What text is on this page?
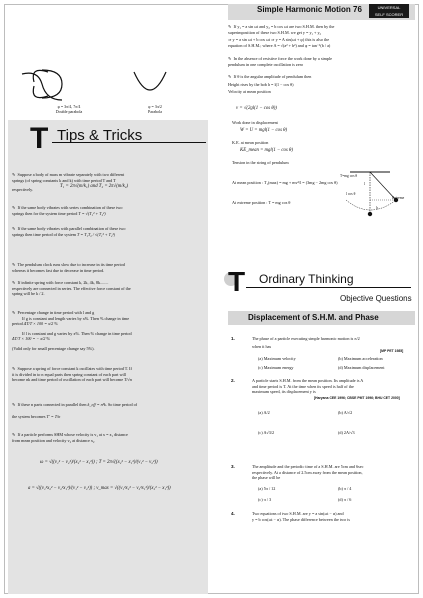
Simple Harmonic Motion 76	UNIVERSAL
SELF SCORER
φ = 3π/4, 7π/4
Double parabola
φ = 3π/2
Parabola
T Tips & Tricks
✎ Suppose a body of mass m vibrate separately with two different
springs (of spring constants k and k) with time period T and T
respectively.
T₁ = 2π√(m/k₁) and T₂ = 2π√(m/k₂)
✎ If the same body vibrates with series combination of these two
springs then for the system time period T = √(T₁² + T₂²)
✎ If the same body vibrates with parallel combination of these two
springs then time period of the system T = T₁T₂ / √(T₁² + T₂²)
✎ The pendulum clock runs slow due to increase in its time period
whereas it becomes fast due to decrease in time period.
✎ If infinite spring with force constant k, 2k, 4k, 8k........
respectively are connected in series. The effective force constant of the
spring will be k / 2.
✎ Percentage change in time period with l and g
If g is constant and length varies by x%. Then % change in time
period ΔT/T × 100 = x/2 %
If l is constant and g varies by x%. Then % change in time period
ΔT/T × 100 = − x/2 %
(Valid only for small percentage change say 5%).
✎ Suppose a spring of force constant k oscillates with time period T. If
it is divided in to n equal parts then spring constant of each part will
become nk and time period of oscillation of each part will become T/√n
✎ If these n parts connected in parallel then k_eff = n²k. So time period of
the system becomes T′ = T/n
✎ If a particle performs SHM whose velocity is v₁ at x = x₁ distance
from mean position and velocity v₂ at distance x₂
ω = √((v₁² − v₂²)/(x₂² − x₁²)) ; T = 2π√((x₂² − x₁²)/(v₁² − v₂²))
a = √((v₁²x₂² − v₂²x₁²)/(v₁² − v₂²)) ; v_max = √((v₁²x₂² − v₂²x₁²)/(x₂² − x₁²))
✎ If y₁ = a sin ωt and y₂ = b cos ωt are two S.H.M. then by the
superimposition of these two S.H.M. we get y = y₁ + y₂
⇒ y = a sin ωt + b cos ωt ⇒ y = A sin(ωt + φ) this is also the
equation of S.H.M.; where A = √(a² + b²) and φ = tan⁻¹(b / a)
✎ In the absence of resistive force the work done by a simple
pendulum in one complete oscillation is zero
✎ If θ is the angular amplitude of pendulum then
Height rises by the bob h = l(1 − cos θ)
Velocity at mean position
v = √(2gl(1 − cos θ))
Work done in displacement
W = U = mgl(1 − cos θ)
K.E. at mean position
KE_mean = mgl(1 − cos θ)
Tension in the string of pendulum
At mean position : T₁(max) = mg + mv²/l = (3mg − 2mg cos θ)
At extreme position : T = mg cos θ
l
l cos θ
h
T=mg cos θ
Extreme
T Ordinary Thinking
Objective Questions
Displacement of S.H.M. and Phase
1.	The phase of a particle executing simple harmonic motion is π/2
when it has
[MP PET 1985]
(a) Maximum velocity	(b) Maximum acceleration
(c) Maximum energy	(d) Maximum displacement
2.	A particle starts S.H.M. from the mean position. Its amplitude is A
and time period is T. At the time when its speed is half of the
maximum speed, its displacement y is
[Haryana CEE 1996; CBSE PMT 1996; BHU CET 2000]
(a) A/2	(b) A/√2
(c) A√3/2	(d) 2A/√3
3.	The amplitude and the periodic time of a S.H.M. are 5cm and 6sec
respectively. At a distance of 2.5cm away from the mean position,
the phase will be
(a) 5π / 12	(b) π / 4
(c) π / 3	(d) π / 6
4.	Two equations of two S.H.M. are y = a sin(ωt − α) and
y = b cos(ωt − α). The phase difference between the two is
